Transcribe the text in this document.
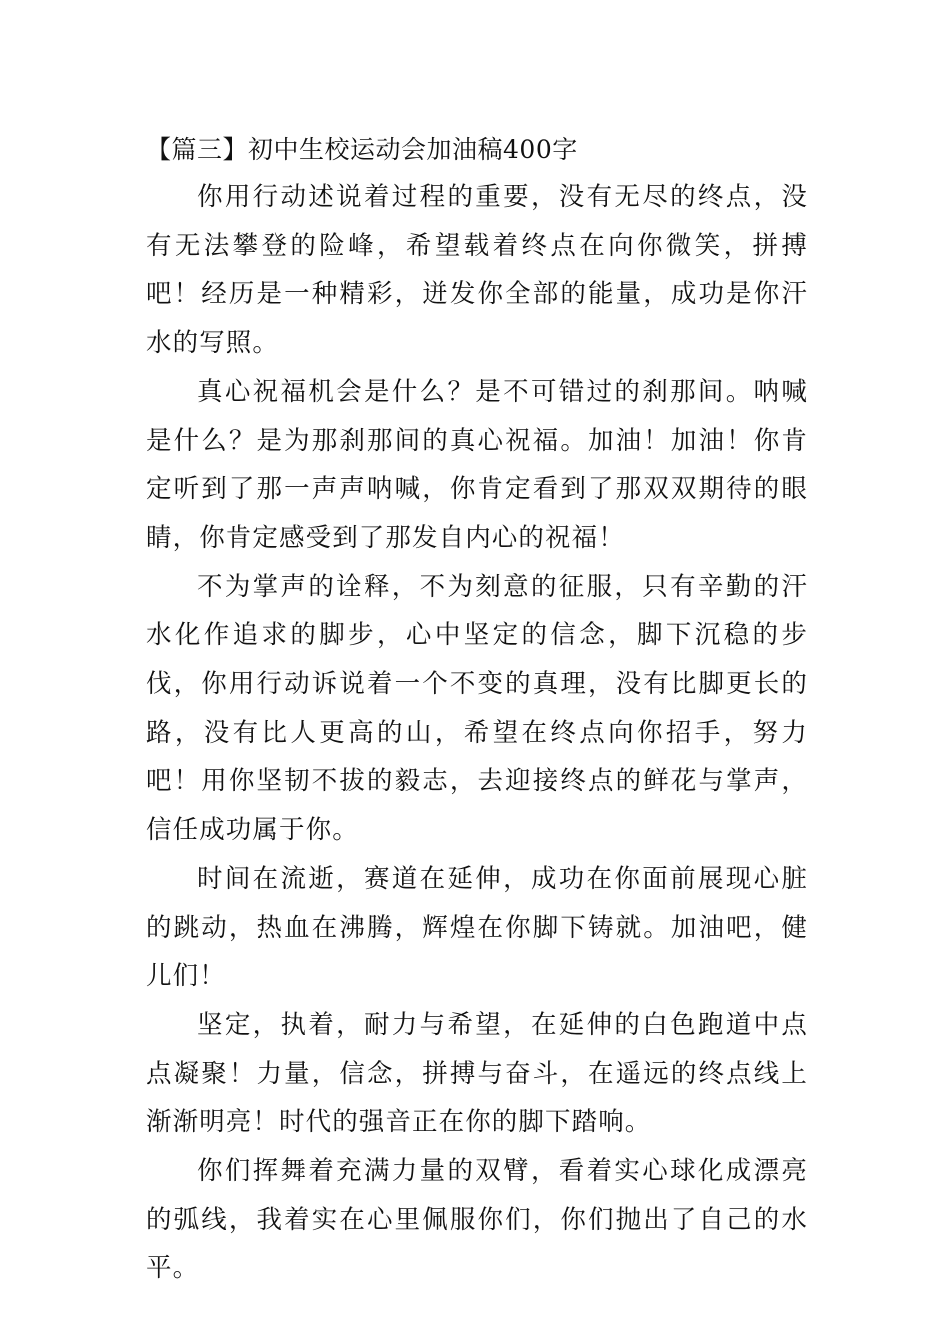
【篇三】初中生校运动会加油稿400字

你用行动述说着过程的重要，没有无尽的终点，没有无法攀登的险峰，希望载着终点在向你微笑，拼搏吧！经历是一种精彩，迸发你全部的能量，成功是你汗水的写照。

真心祝福机会是什么？是不可错过的刹那间。呐喊是什么？是为那刹那间的真心祝福。加油！加油！你肯定听到了那一声声呐喊，你肯定看到了那双双期待的眼睛，你肯定感受到了那发自内心的祝福！

不为掌声的诠释，不为刻意的征服，只有辛勤的汗水化作追求的脚步，心中坚定的信念，脚下沉稳的步伐，你用行动诉说着一个不变的真理，没有比脚更长的路，没有比人更高的山，希望在终点向你招手，努力吧！用你坚韧不拔的毅志，去迎接终点的鲜花与掌声，信任成功属于你。

时间在流逝，赛道在延伸，成功在你面前展现心脏的跳动，热血在沸腾，辉煌在你脚下铸就。加油吧，健儿们！

坚定，执着，耐力与希望，在延伸的白色跑道中点点凝聚！力量，信念，拼搏与奋斗，在遥远的终点线上渐渐明亮！时代的强音正在你的脚下踏响。

你们挥舞着充满力量的双臂，看着实心球化成漂亮的弧线，我着实在心里佩服你们，你们抛出了自己的水平。
